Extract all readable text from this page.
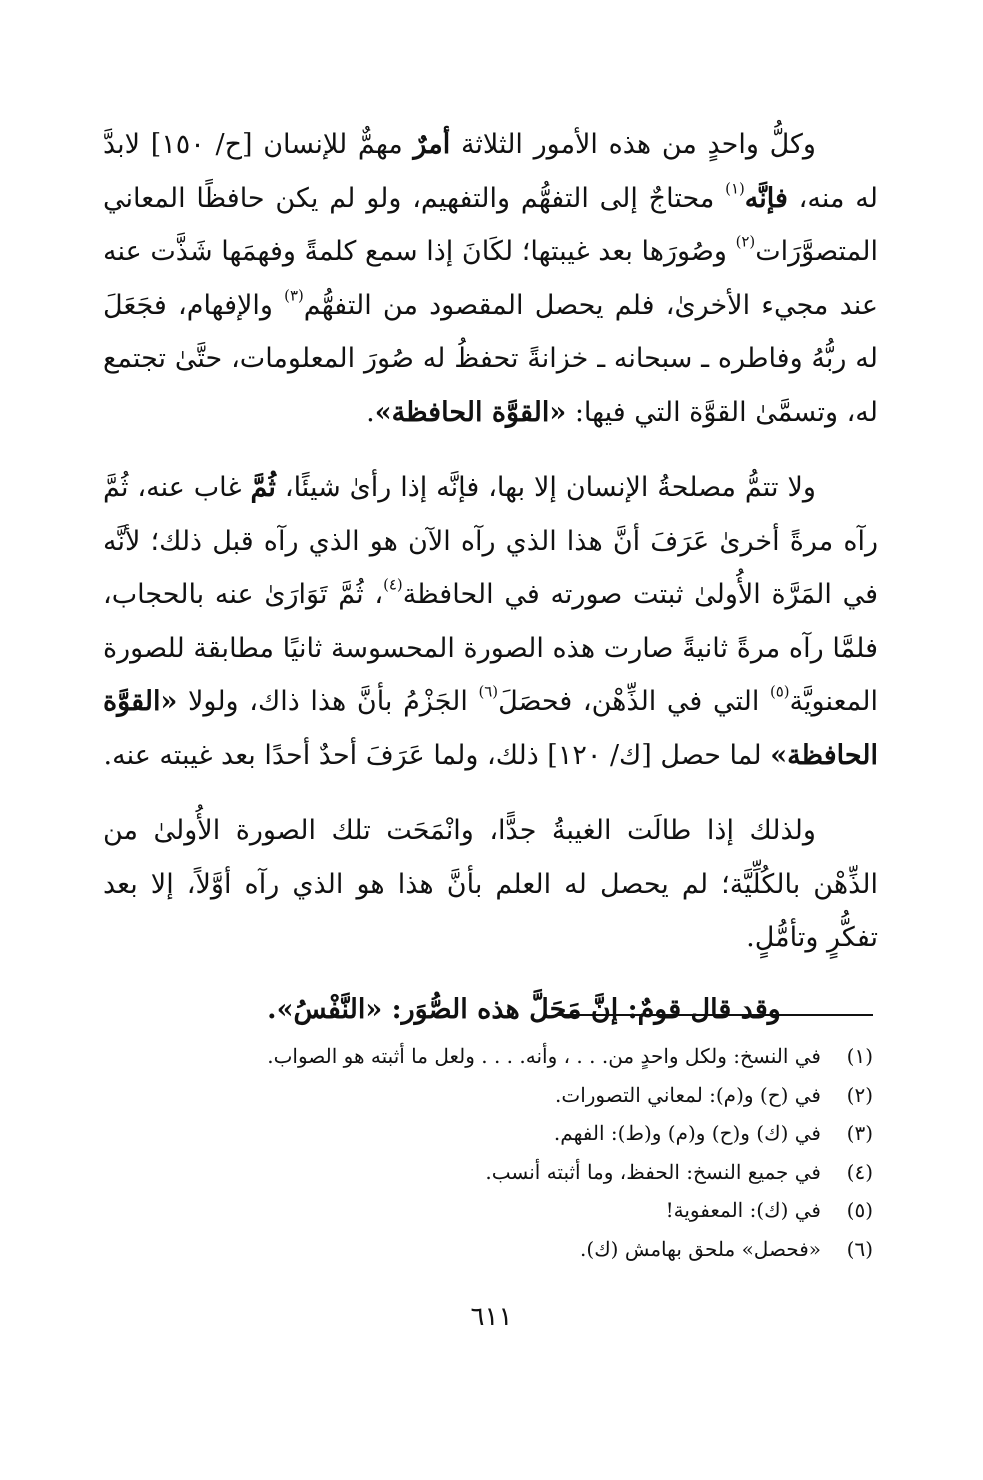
وكلُّ واحدٍ من هذه الأمور الثلاثة أمرٌ مهمٌّ للإنسان [ح/ ١٥٠] لابدَّ له منه، فإنَّه$^{(١)}$ محتاجٌ إلى التفهُّم والتفهيم، ولو لم يكن حافظًا المعاني المتصوَّرَات$^{(٢)}$ وصُورَها بعد غيبتها؛ لكَانَ إذا سمع كلمةً وفهمَها شَذَّت عنه عند مجيء الأخرىٰ، فلم يحصل المقصود من التفهُّم$^{(٣)}$ والإفهام، فجَعَلَ له ربُّهُ وفاطره ـ سبحانه ـ خزانةً تحفظُ له صُورَ المعلومات، حتَّىٰ تجتمع له، وتسمَّىٰ القوَّة التي فيها: «القوَّة الحافظة».

ولا تتمُّ مصلحةُ الإنسان إلا بها، فإنَّه إذا رأىٰ شيئًا، ثُمَّ غاب عنه، ثُمَّ رآه مرةً أخرىٰ عَرَفَ أنَّ هذا الذي رآه الآن هو الذي رآه قبل ذلك؛ لأنَّه في المَرَّة الأُولىٰ ثبتت صورته في الحافظة$^{(٤)}$، ثُمَّ تَوَارَىٰ عنه بالحجاب، فلمَّا رآه مرةً ثانيةً صارت هذه الصورة المحسوسة ثانيًا مطابقة للصورة المعنويَّة$^{(٥)}$ التي في الذِّهْن، فحصَلَ$^{(٦)}$ الجَزْمُ بأنَّ هذا ذاك، ولولا «القوَّة الحافظة» لما حصل [ك/ ١٢٠] ذلك، ولما عَرَفَ أحدٌ أحدًا بعد غيبته عنه.

ولذلك إذا طالَت الغيبةُ جدًّا، وانْمَحَت تلك الصورة الأُولىٰ من الذِّهْن بالكُلِّيَّة؛ لم يحصل له العلم بأنَّ هذا هو الذي رآه أوَّلاً، إلا بعد تفكُّرٍ وتأمُّلٍ.

وقد قال قومٌ: إنَّ مَحَلَّ هذه الصُّوَر: «النَّفْسُ».

(١)
في النسخ: ولكل واحدٍ من. . . ، وأنه. . . . ولعل ما أثبته هو الصواب.
(٢)
في (ح) و(م): لمعاني التصورات.
(٣)
في (ك) و(ح) و(م) و(ط): الفهم.
(٤)
في جميع النسخ: الحفظ، وما أثبته أنسب.
(٥)
في (ك): المعفوية!
(٦)
«فحصل» ملحق بهامش (ك).
٦١١
